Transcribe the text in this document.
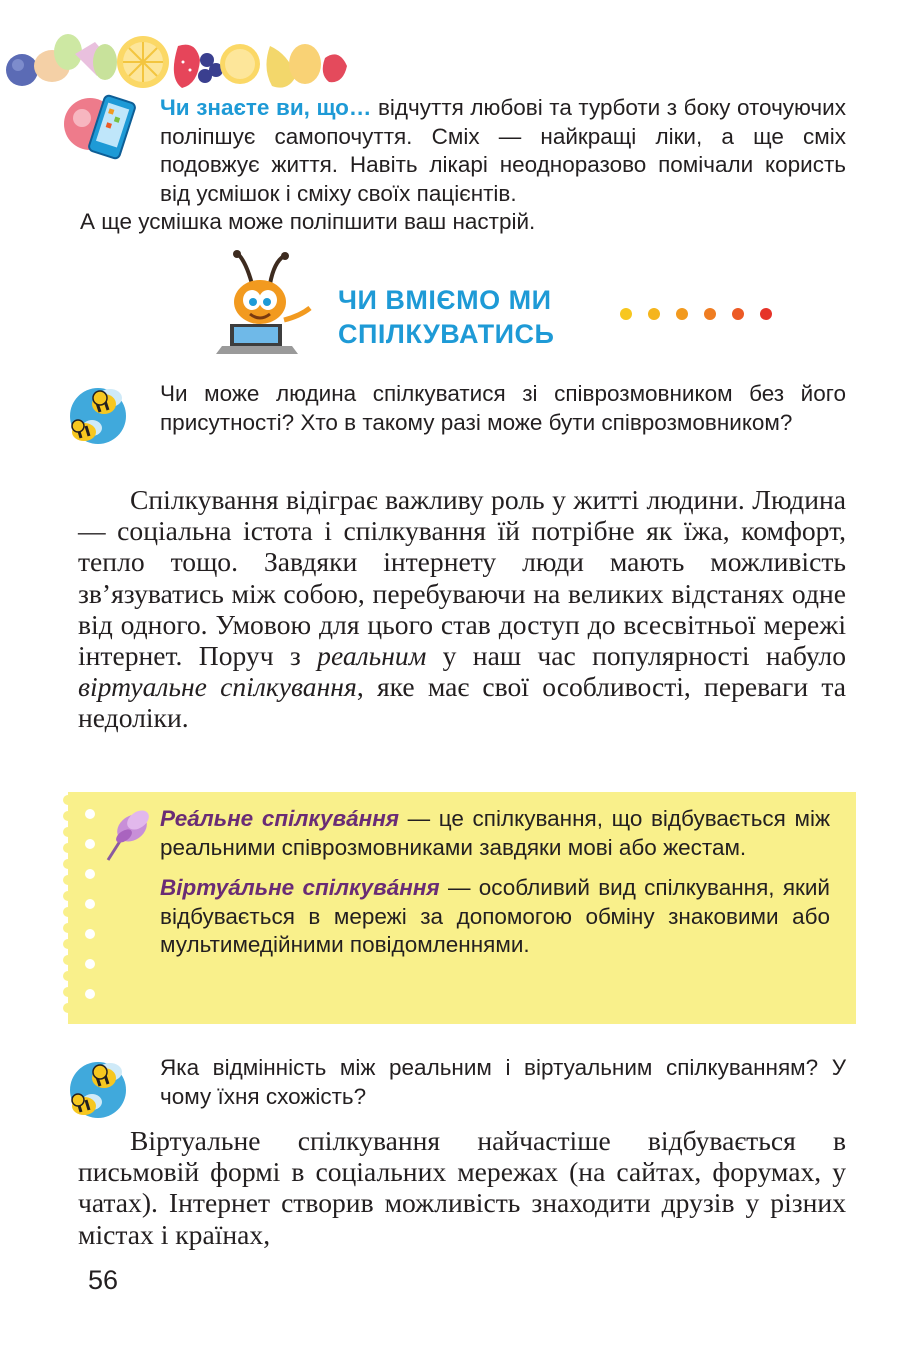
Чи знаєте ви, що… відчуття любові та турботи з боку оточуючих поліпшує самопочуття. Сміх — найкращі ліки, а ще сміх подовжує життя. Навіть лікарі неодноразово помічали користь від усмішок і сміху своїх пацієнтів.
А ще усмішка може поліпшити ваш настрій.
ЧИ ВМІЄМО МИ
СПІЛКУВАТИСЬ
Чи може людина спілкуватися зі співрозмовником без його присутності? Хто в такому разі може бути співрозмовником?
Спілкування відіграє важливу роль у житті людини. Людина — соціальна істота і спілкування їй потрібне як їжа, комфорт, тепло тощо. Завдяки інтернету люди мають можливість зв’язуватись між собою, перебуваючи на великих відстанях одне від одного. Умовою для цього став доступ до всесвітньої мережі інтернет. Поруч з реальним у наш час популярності набуло віртуальне спілкування, яке має свої особливості, переваги та недоліки.

Реáльне спілкувáння — це спілкування, що відбувається між реальними співрозмовниками завдяки мові або жестам.

Віртуáльне спілкувáння — особливий вид спілкування, який відбувається в мережі за допомогою обміну знаковими або мультимедійними повідомленнями.

Яка відмінність між реальним і віртуальним спілкуванням? У чому їхня схожість?
Віртуальне спілкування найчастіше відбувається в письмовій формі в соціальних мережах (на сайтах, форумах, у чатах). Інтернет створив можливість знаходити друзів у різних містах і країнах,
56
